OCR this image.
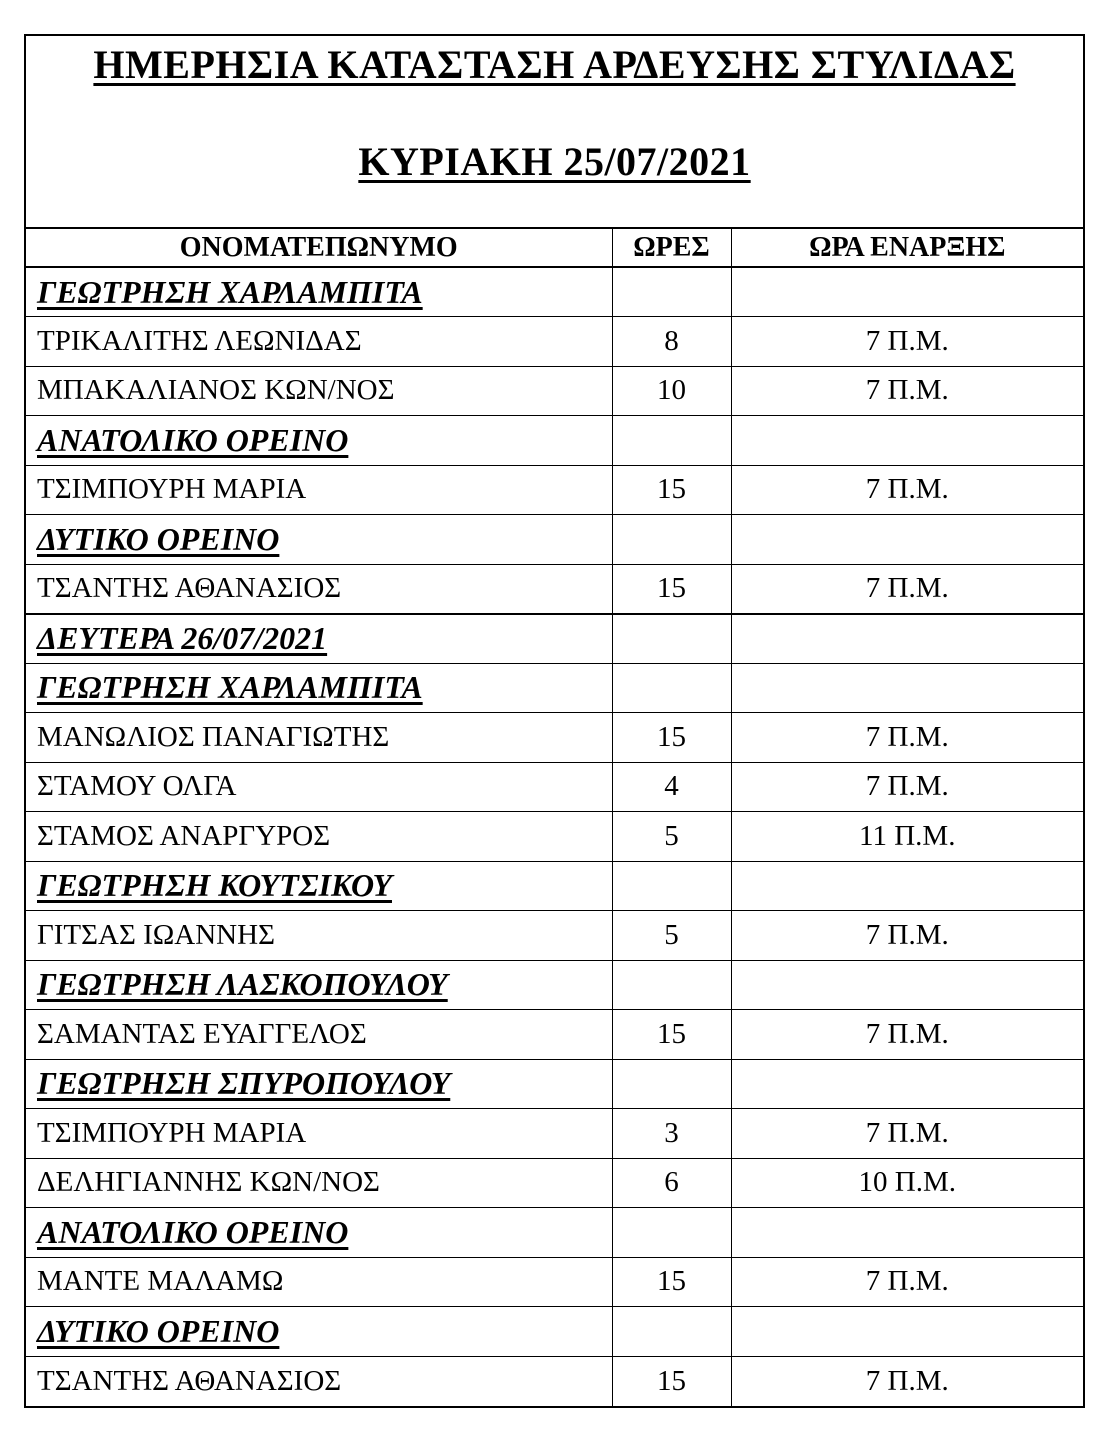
ΗΜΕΡΗΣΙΑ ΚΑΤΑΣΤΑΣΗ ΑΡΔΕΥΣΗΣ ΣΤΥΛΙΔΑΣ
ΚΥΡΙΑΚΗ 25/07/2021
ΟΝΟΜΑΤΕΠΩΝΥΜΟ	ΩΡΕΣ	ΩΡΑ ΕΝΑΡΞΗΣ
ΓΕΩΤΡΗΣΗ ΧΑΡΛΑΜΠΙΤΑ		
ΤΡΙΚΑΛΙΤΗΣ ΛΕΩΝΙΔΑΣ	8	7 Π.Μ.
ΜΠΑΚΑΛΙΑΝΟΣ ΚΩΝ/ΝΟΣ	10	7 Π.Μ.
ΑΝΑΤΟΛΙΚΟ ΟΡΕΙΝΟ		
ΤΣΙΜΠΟΥΡΗ ΜΑΡΙΑ	15	7 Π.Μ.
ΔΥΤΙΚΟ ΟΡΕΙΝΟ		
ΤΣΑΝΤΗΣ ΑΘΑΝΑΣΙΟΣ	15	7 Π.Μ.
ΔΕΥΤΕΡΑ 26/07/2021		
ΓΕΩΤΡΗΣΗ ΧΑΡΛΑΜΠΙΤΑ		
ΜΑΝΩΛΙΟΣ ΠΑΝΑΓΙΩΤΗΣ	15	7 Π.Μ.
ΣΤΑΜΟΥ ΟΛΓΑ	4	7 Π.Μ.
ΣΤΑΜΟΣ ΑΝΑΡΓΥΡΟΣ	5	11 Π.Μ.
ΓΕΩΤΡΗΣΗ ΚΟΥΤΣΙΚΟΥ		
ΓΙΤΣΑΣ ΙΩΑΝΝΗΣ	5	7 Π.Μ.
ΓΕΩΤΡΗΣΗ ΛΑΣΚΟΠΟΥΛΟΥ		
ΣΑΜΑΝΤΑΣ ΕΥΑΓΓΕΛΟΣ	15	7 Π.Μ.
ΓΕΩΤΡΗΣΗ ΣΠΥΡΟΠΟΥΛΟΥ		
ΤΣΙΜΠΟΥΡΗ ΜΑΡΙΑ	3	7 Π.Μ.
ΔΕΛΗΓΙΑΝΝΗΣ ΚΩΝ/ΝΟΣ	6	10 Π.Μ.
ΑΝΑΤΟΛΙΚΟ ΟΡΕΙΝΟ		
ΜΑΝΤΕ ΜΑΛΑΜΩ	15	7 Π.Μ.
ΔΥΤΙΚΟ ΟΡΕΙΝΟ		
ΤΣΑΝΤΗΣ ΑΘΑΝΑΣΙΟΣ	15	7 Π.Μ.
